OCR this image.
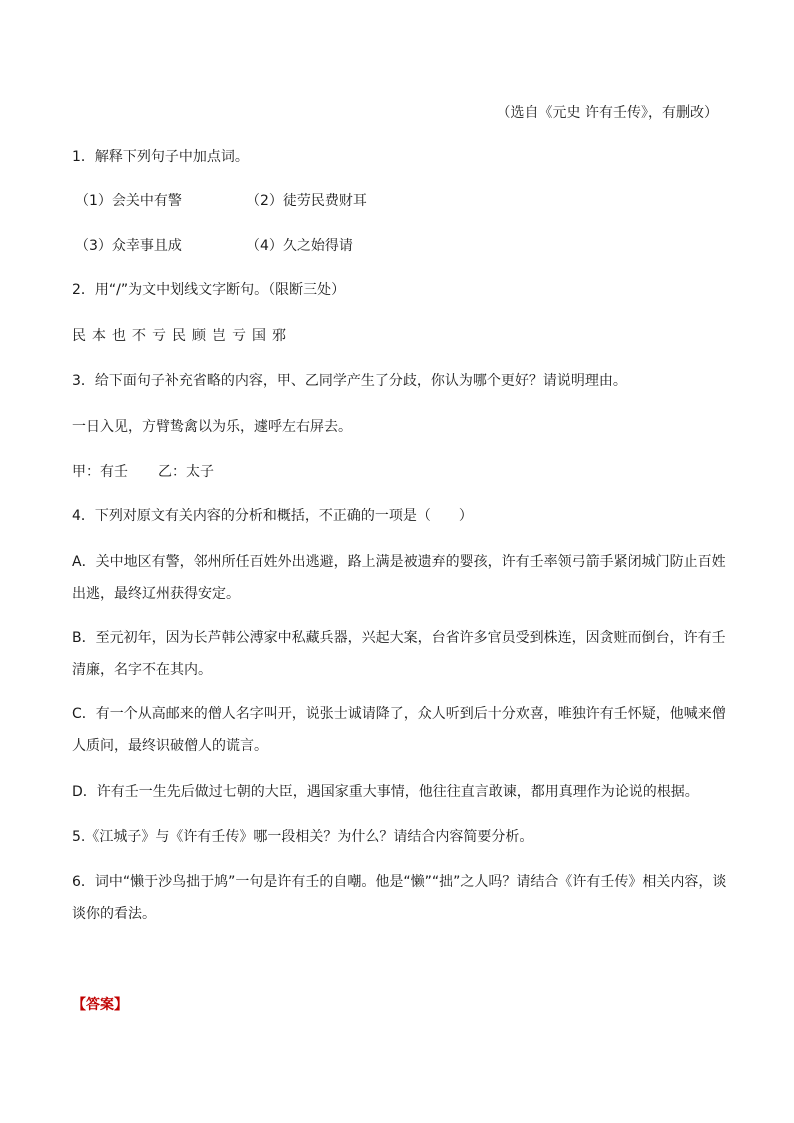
（选自《元史 许有壬传》，有删改）
1．解释下列句子中加点词。
（1）会关中有警	（2）徒劳民费财耳
（3）众幸事且成	（4）久之始得请
2．用“/”为文中划线文字断句。（限断三处）
民本也不亏民顾岂亏国邪
3．给下面句子补充省略的内容，甲、乙同学产生了分歧，你认为哪个更好？请说明理由。
一日入见，方臂鸷禽以为乐，遽呼左右屏去。
甲：有壬 乙：太子
4．下列对原文有关内容的分析和概括，不正确的一项是（　　）
A．关中地区有警，邻州所任百姓外出逃避，路上满是被遗弃的婴孩，许有壬率领弓箭手紧闭城门防止百姓
出逃，最终辽州获得安定。
B．至元初年，因为长芦韩公溥家中私藏兵器，兴起大案，台省许多官员受到株连，因贪赃而倒台，许有壬
清廉，名字不在其内。
C．有一个从高邮来的僧人名字叫开，说张士诚请降了，众人听到后十分欢喜，唯独许有壬怀疑，他喊来僧
人质问，最终识破僧人的谎言。
D．许有壬一生先后做过七朝的大臣，遇国家重大事情，他往往直言敢谏，都用真理作为论说的根据。
5.《江城子》与《许有壬传》哪一段相关？为什么？请结合内容简要分析。
6．词中“懒于沙鸟拙于鸠”一句是许有壬的自嘲。他是“懒”“拙”之人吗？请结合《许有壬传》相关内容，谈
谈你的看法。
【答案】
